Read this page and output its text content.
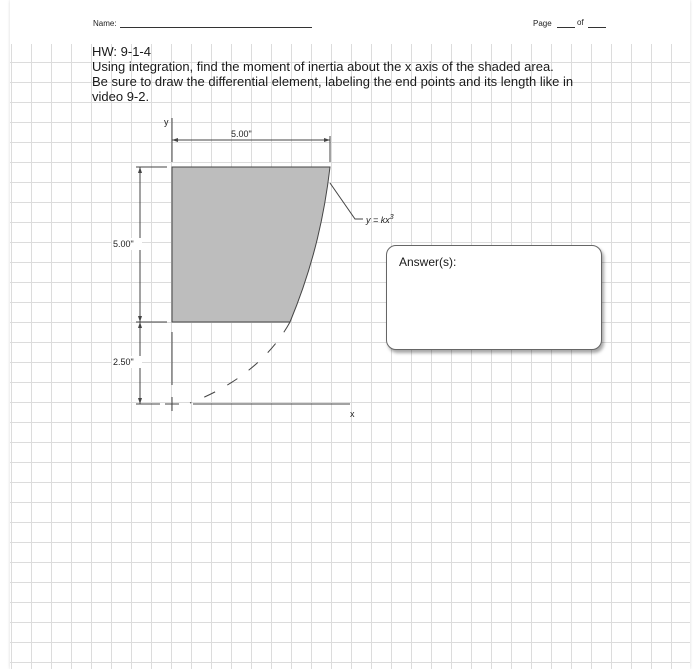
Name:	Page	of
HW: 9-1-4
Using integration, find the moment of inertia about the x axis of the shaded area.
Be sure to draw the differential element, labeling the end points and its length like in video 9-2.
y
x
5.00"
5.00"
2.50"
$y = kx^3$
Answer(s):
